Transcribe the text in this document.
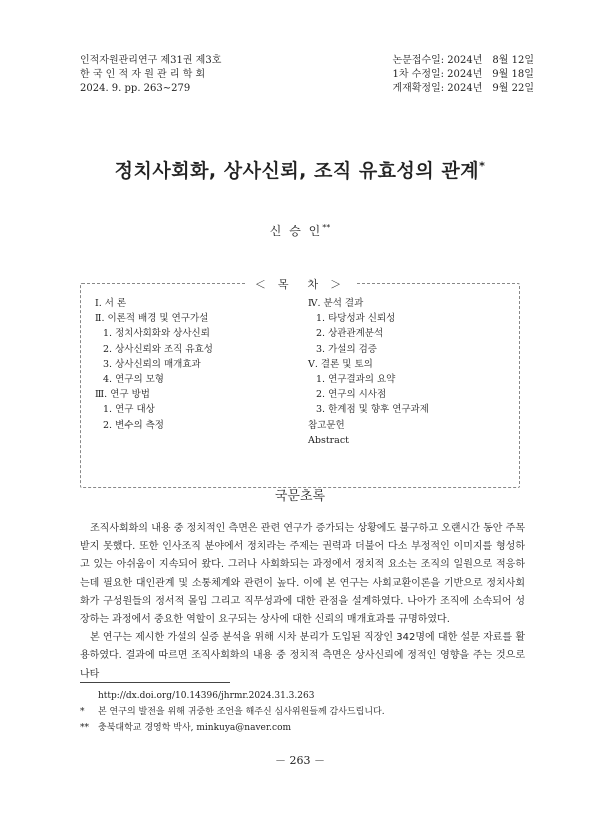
인적자원관리연구 제31권 제3호
한 국 인 적 자 원 관 리 학 회
2024. 9. pp. 263∼279
논문접수일: 2024년　8월 12일
1차 수정일: 2024년　9월 18일
게재확정일: 2024년　9월 22일
정치사회화, 상사신뢰, 조직 유효성의 관계*
신 승 인**
＜ 목　차 ＞
Ⅰ. 서 론
Ⅱ. 이론적 배경 및 연구가설
1. 정치사회화와 상사신뢰
2. 상사신뢰와 조직 유효성
3. 상사신뢰의 매개효과
4. 연구의 모형
Ⅲ. 연구 방법
1. 연구 대상
2. 변수의 측정
Ⅳ. 분석 결과
1. 타당성과 신뢰성
2. 상관관계분석
3. 가설의 검증
Ⅴ. 결론 및 토의
1. 연구결과의 요약
2. 연구의 시사점
3. 한계점 및 향후 연구과제
참고문헌
Abstract
국문초록

조직사회화의 내용 중 정치적인 측면은 관련 연구가 증가되는 상황에도 불구하고 오랜시간 동안 주목받지 못했다. 또한 인사조직 분야에서 정치라는 주제는 권력과 더불어 다소 부정적인 이미지를 형성하고 있는 아쉬움이 지속되어 왔다. 그러나 사회화되는 과정에서 정치적 요소는 조직의 일원으로 적응하는데 필요한 대인관계 및 소통체계와 관련이 높다. 이에 본 연구는 사회교환이론을 기반으로 정치사회화가 구성원들의 정서적 몰입 그리고 직무성과에 대한 관점을 설계하였다. 나아가 조직에 소속되어 성장하는 과정에서 중요한 역할이 요구되는 상사에 대한 신뢰의 매개효과를 규명하였다.

본 연구는 제시한 가설의 실증 분석을 위해 시차 분리가 도입된 직장인 342명에 대한 설문 자료를 활용하였다. 결과에 따르면 조직사회화의 내용 중 정치적 측면은 상사신뢰에 정적인 영향을 주는 것으로 나타

http://dx.doi.org/10.14396/jhrmr.2024.31.3.263
* 본 연구의 발전을 위해 귀중한 조언을 해주신 심사위원들께 감사드립니다.
** 충북대학교 경영학 박사, minkuya@naver.com
－ 263 －
